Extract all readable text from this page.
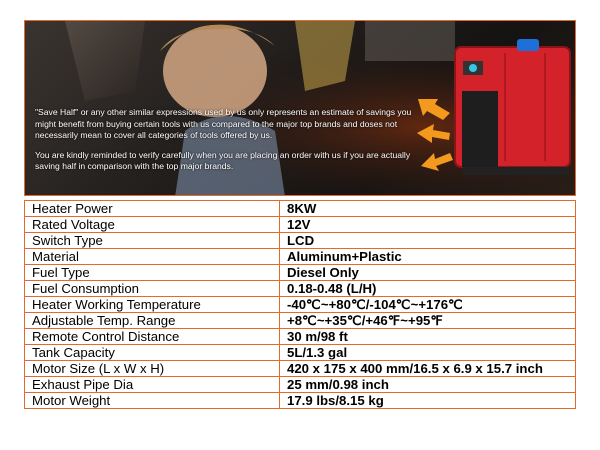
"Save Half" or any other similar expressions used by us only represents an estimate of savings you might benefit from buying certain tools with us compared to the major top brands and doses not necessarily mean to cover all categories of tools offered by us.

You are kindly reminded to verify carefully when you are placing an order with us if you are actually saving half in comparison with the top major brands.

Heater Power	8KW
Rated Voltage	12V
Switch Type	LCD
Material	Aluminum+Plastic
Fuel Type	Diesel Only
Fuel Consumption	0.18-0.48 (L/H)
Heater Working Temperature	-40℃~+80℃/-104℃~+176℃
Adjustable Temp. Range	+8℃~+35℃/+46℉~+95℉
Remote Control Distance	30 m/98 ft
Tank Capacity	5L/1.3 gal
Motor Size (L x W x H)	420 x 175 x 400 mm/16.5 x 6.9 x 15.7 inch
Exhaust Pipe Dia	25 mm/0.98 inch
Motor Weight	17.9 lbs/8.15 kg
